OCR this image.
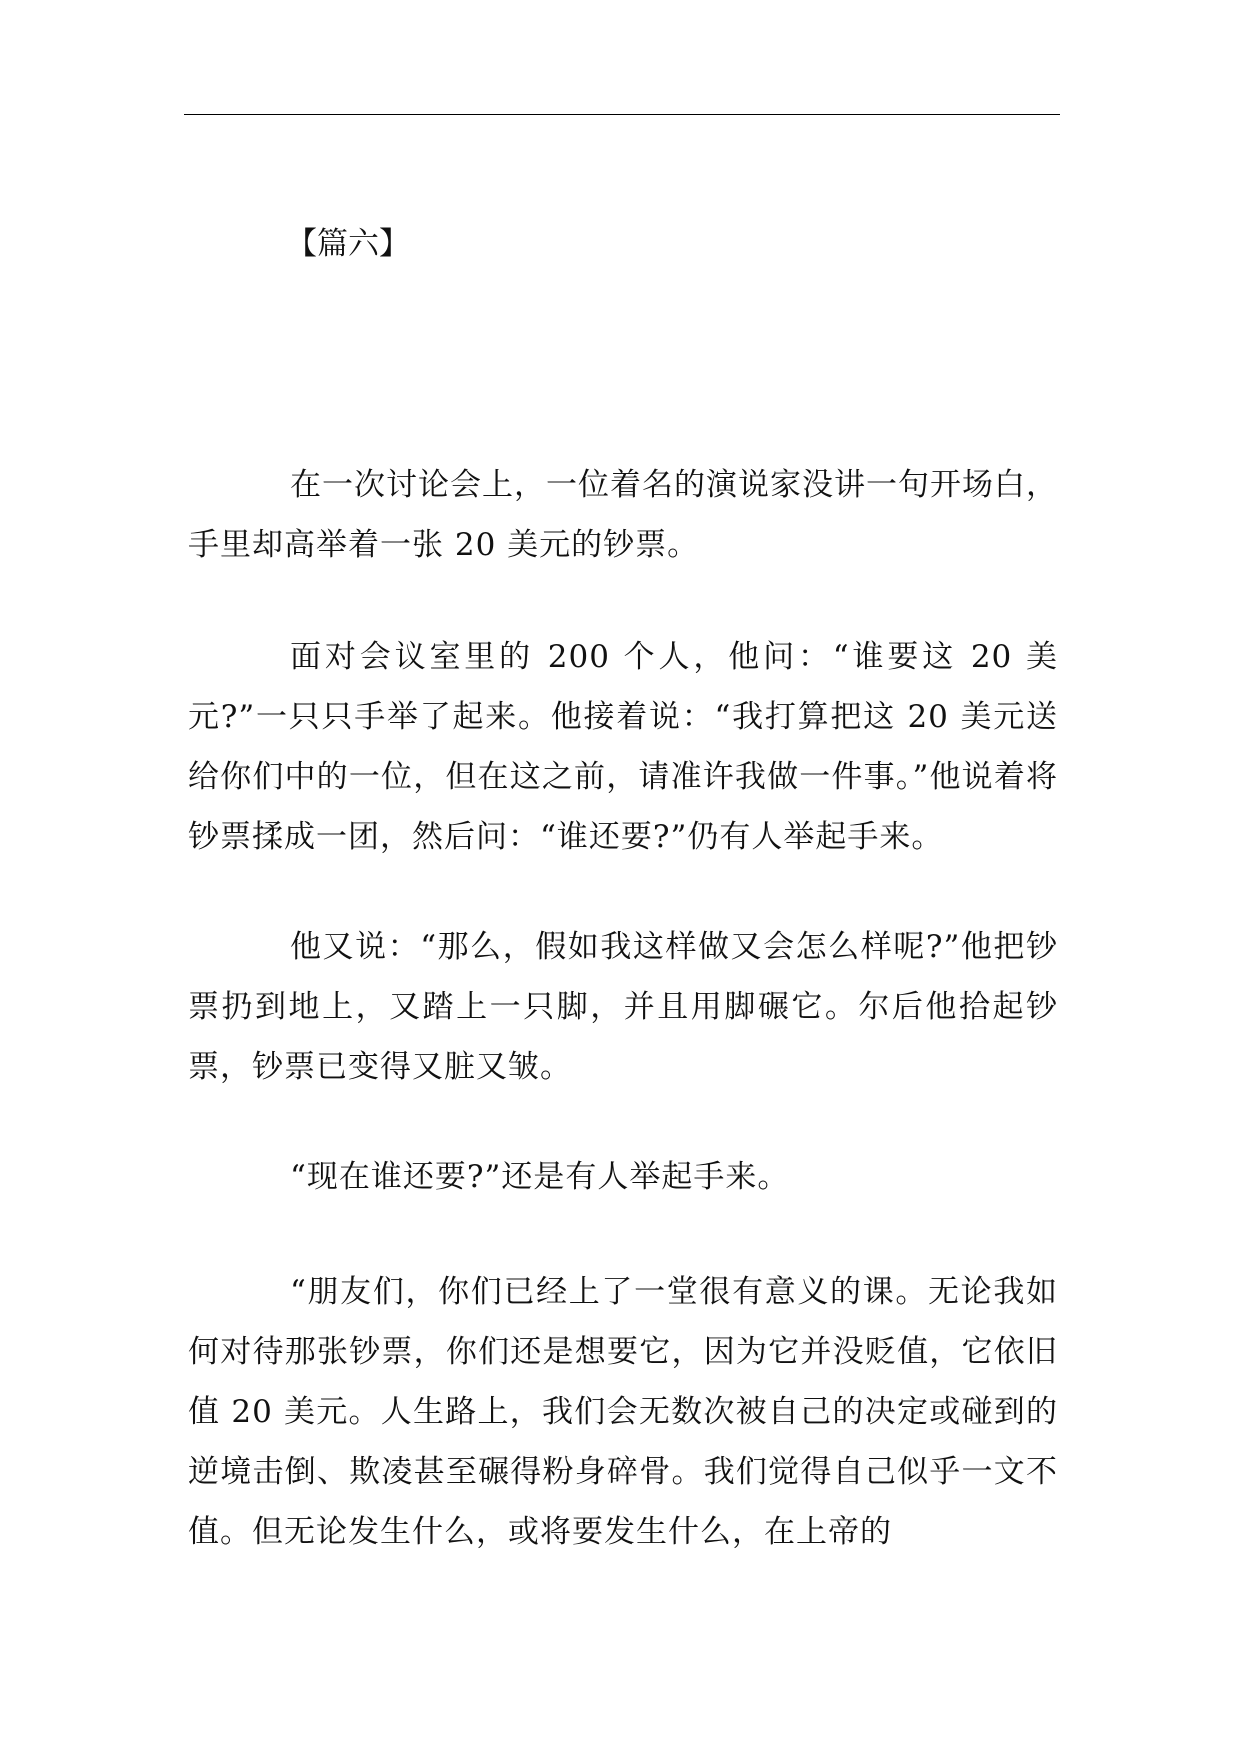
【篇六】

在一次讨论会上，一位着名的演说家没讲一句开场白，手里却高举着一张 20 美元的钞票。

面对会议室里的 200 个人，他问：“谁要这 20 美元?”一只只手举了起来。他接着说：“我打算把这 20 美元送给你们中的一位，但在这之前，请准许我做一件事。”他说着将钞票揉成一团，然后问：“谁还要?”仍有人举起手来。

他又说：“那么，假如我这样做又会怎么样呢?”他把钞票扔到地上，又踏上一只脚，并且用脚碾它。尔后他拾起钞票，钞票已变得又脏又皱。

“现在谁还要?”还是有人举起手来。

“朋友们，你们已经上了一堂很有意义的课。无论我如何对待那张钞票，你们还是想要它，因为它并没贬值，它依旧值 20 美元。人生路上，我们会无数次被自己的决定或碰到的逆境击倒、欺凌甚至碾得粉身碎骨。我们觉得自己似乎一文不值。但无论发生什么，或将要发生什么，在上帝的
